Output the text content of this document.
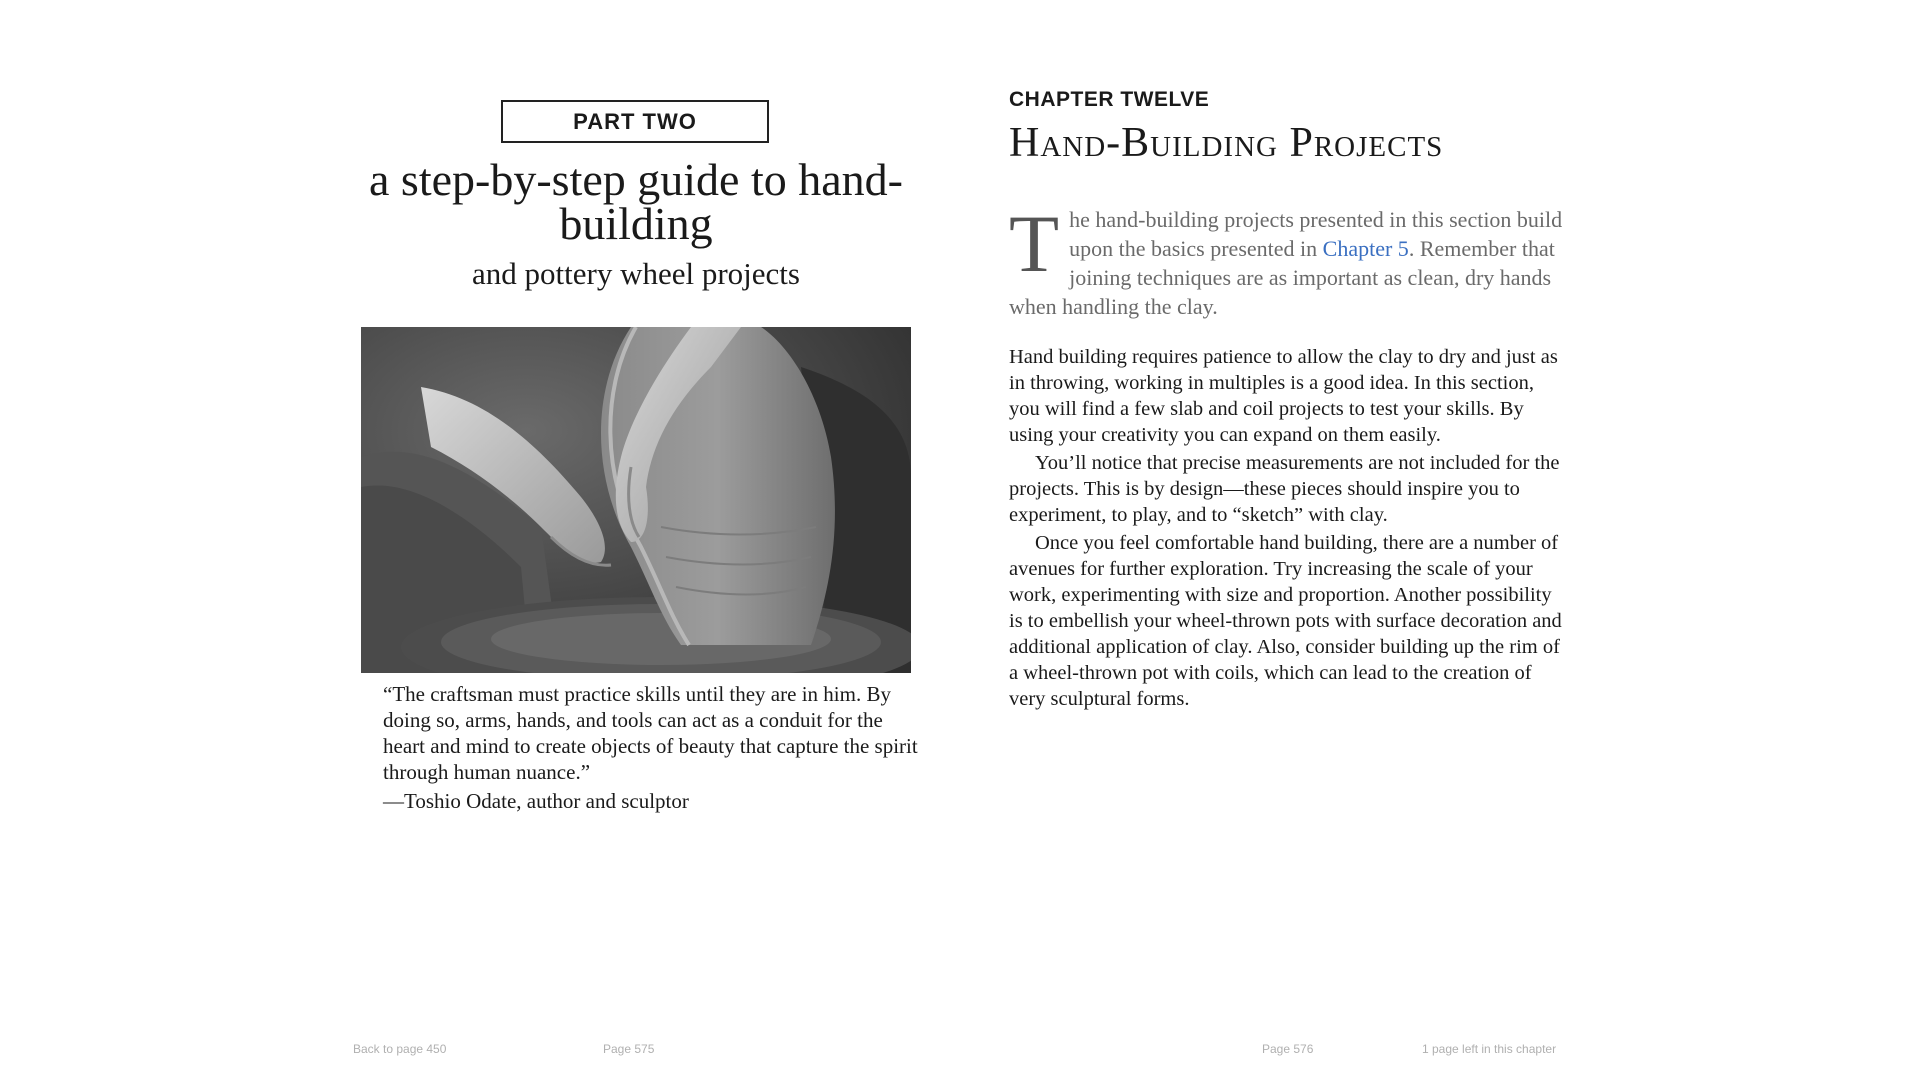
PART TWO
a step-by-step guide to hand-building
and pottery wheel projects
“The craftsman must practice skills until they are in him. By doing so, arms, hands, and tools can act as a conduit for the heart and mind to create objects of beauty that capture the spirit through human nuance.”
—Toshio Odate, author and sculptor
CHAPTER TWELVE
Hand-Building Projects
The hand-building projects presented in this section build upon the basics presented in Chapter 5. Remember that joining techniques are as important as clean, dry hands when handling the clay.

Hand building requires patience to allow the clay to dry and just as in throwing, working in multiples is a good idea. In this section, you will find a few slab and coil projects to test your skills. By using your creativity you can expand on them easily.

You’ll notice that precise measurements are not included for the projects. This is by design—these pieces should inspire you to experiment, to play, and to “sketch” with clay.

Once you feel comfortable hand building, there are a number of avenues for further exploration. Try increasing the scale of your work, experimenting with size and proportion. Another possibility is to embellish your wheel-thrown pots with surface decoration and additional application of clay. Also, consider building up the rim of a wheel-thrown pot with coils, which can lead to the creation of very sculptural forms.

Back to page 450	Page 575	Page 576	1 page left in this chapter
